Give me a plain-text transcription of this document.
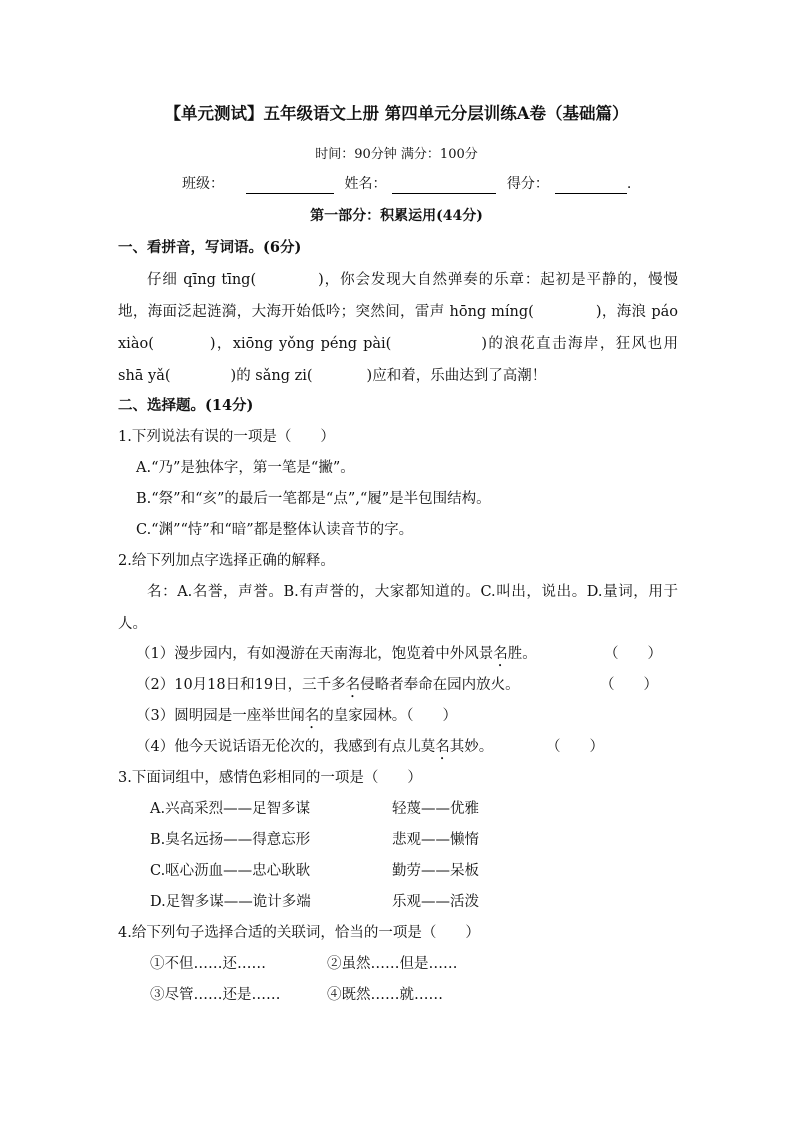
【单元测试】五年级语文上册 第四单元分层训练A卷（基础篇）
时间：90分钟 满分：100分
班级：	姓名：	得分：	.
第一部分：积累运用(44分)
一、看拼音，写词语。(6分)
仔细 qīng tīng(	)，你会发现大自然弹奏的乐章：起初是平静的，慢慢地，海面泛起涟漪，大海开始低吟；突然间，雷声 hōng míng(	)，海浪 páo xiào(	)，xiōng yǒng péng pài(	)的浪花直击海岸，狂风也用 shā yǎ(	)的 sǎng zi(	)应和着，乐曲达到了高潮！
二、选择题。(14分)
1.下列说法有误的一项是（　　）
A.“乃”是独体字，第一笔是“撇”。
B.“祭”和“亥”的最后一笔都是“点”,“履”是半包围结构。
C.“渊”“恃”和“暗”都是整体认读音节的字。
2.给下列加点字选择正确的解释。
名：A.名誉，声誉。B.有声誉的，大家都知道的。C.叫出，说出。D.量词，用于人。
（1）漫步园内，有如漫游在天南海北，饱览着中外风景名胜。	（　　）
（2）10月18日和19日，三千多名侵略者奉命在园内放火。	（　　）
（3）圆明园是一座举世闻名的皇家园林。（　　）
（4）他今天说话语无伦次的，我感到有点儿莫名其妙。	（　　）
3.下面词组中，感情色彩相同的一项是（　　）
A.兴高采烈——足智多谋	轻蔑——优雅
B.臭名远扬——得意忘形	悲观——懒惰
C.呕心沥血——忠心耿耿	勤劳——呆板
D.足智多谋——诡计多端	乐观——活泼
4.给下列句子选择合适的关联词，恰当的一项是（　　）
①不但……还……	②虽然……但是……
③尽管……还是……	④既然……就……
